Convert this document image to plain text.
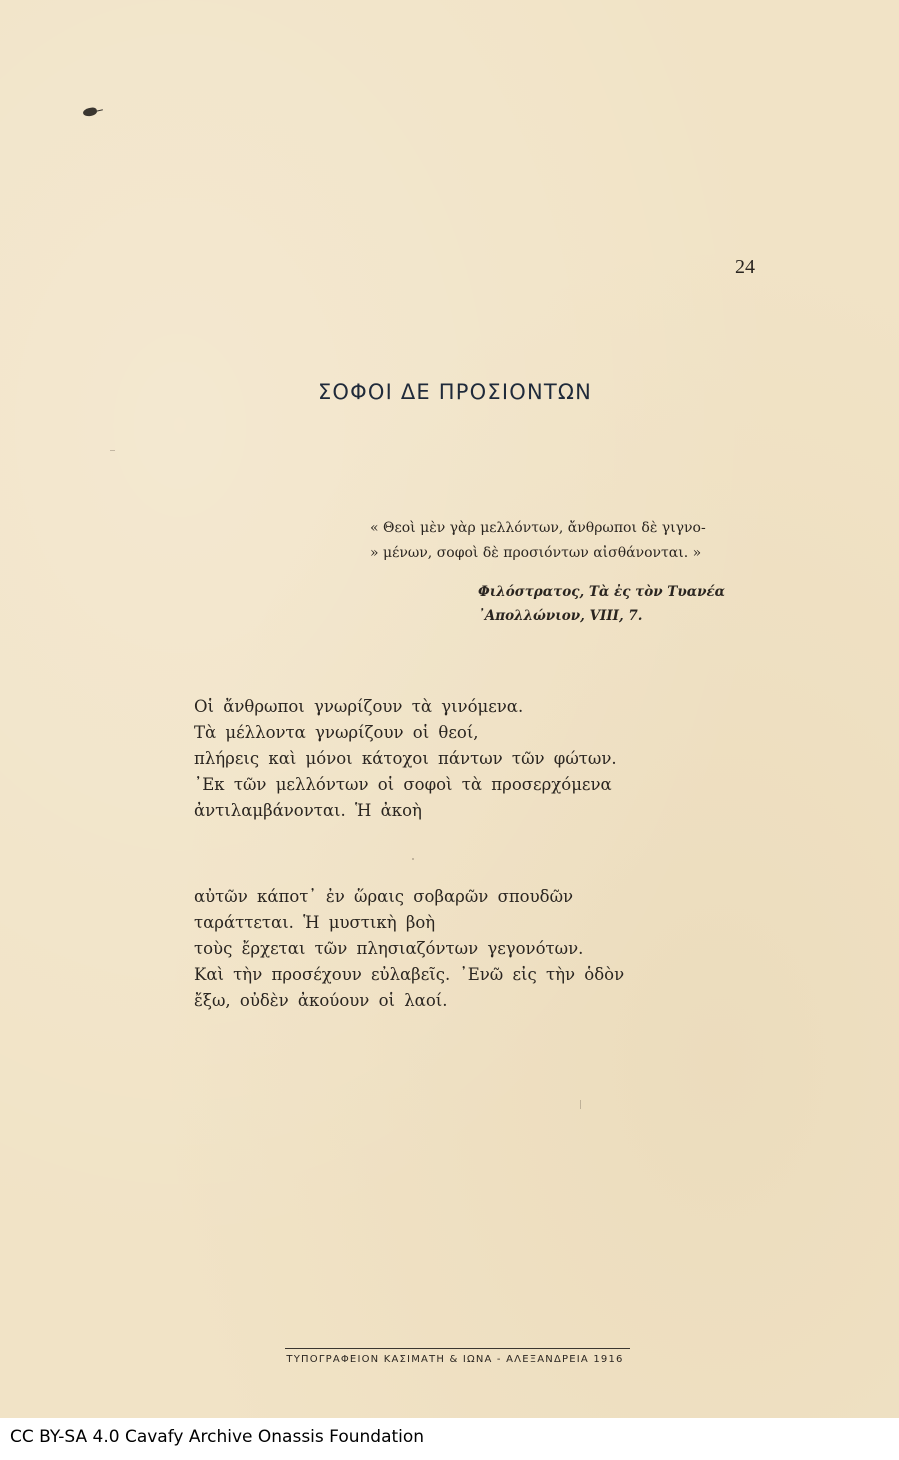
24
ΣΟΦΟΙ ΔΕ ΠΡΟΣΙΟΝΤΩΝ
« Θεοὶ μὲν γὰρ μελλόντων, ἄνθρωποι δὲ γιγνο-
» μένων, σοφοὶ δὲ προσιόντων αἰσθάνονται. »
Φιλόστρατος, Τὰ ἐς τὸν Τυανέα
᾿Απολλώνιον, VIII, 7.
Οἱ ἄνθρωποι γνωρίζουν τὰ γινόμενα.
Τὰ μέλλοντα γνωρίζουν οἱ θεοί,
πλήρεις καὶ μόνοι κάτοχοι πάντων τῶν φώτων.
᾿Εκ τῶν μελλόντων οἱ σοφοὶ τὰ προσερχόμενα
ἀντιλαμβάνονται. Ἡ ἀκοὴ
αὐτῶν κάποτ᾿ ἐν ὥραις σοβαρῶν σπουδῶν
ταράττεται. Ἡ μυστικὴ βοὴ
τοὺς ἔρχεται τῶν πλησιαζόντων γεγονότων.
Καὶ τὴν προσέχουν εὐλαβεῖς. ᾿Ενῶ εἰς τὴν ὁδὸν
ἔξω, οὐδὲν ἀκούουν οἱ λαοί.
ΤΥΠΟΓΡΑΦΕΙΟΝ ΚΑΣΙΜΑΤΗ & ΙΩΝΑ - ΑΛΕΞΑΝΔΡΕΙΑ 1916
CC BY-SA 4.0 Cavafy Archive Onassis Foundation
